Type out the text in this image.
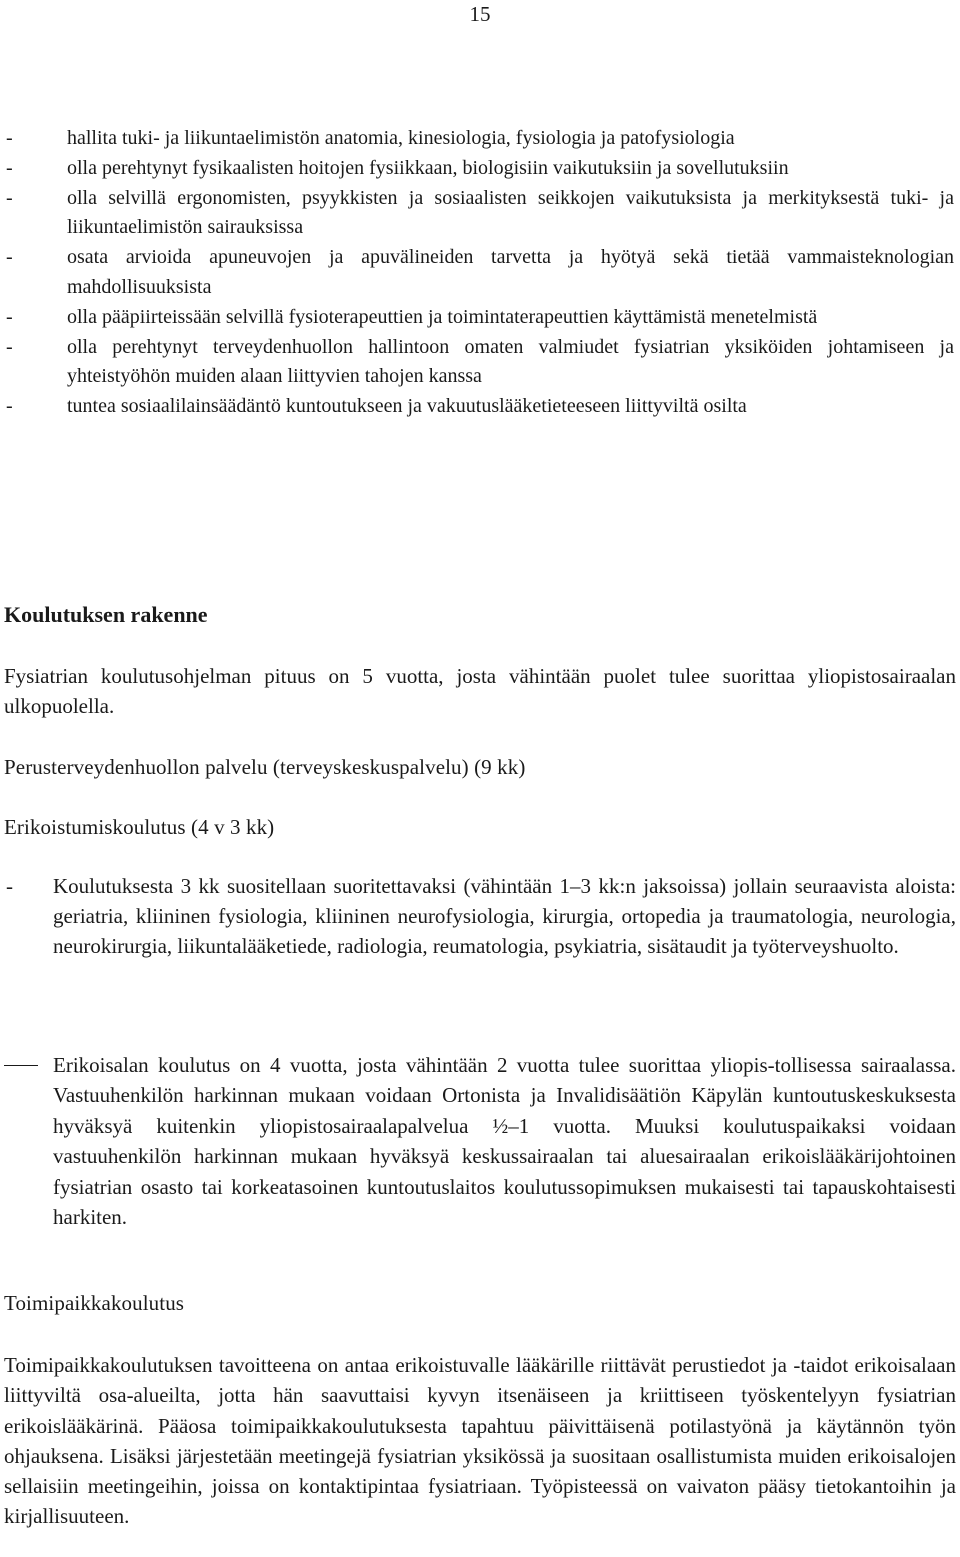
15
-	hallita tuki- ja liikuntaelimistön anatomia, kinesiologia, fysiologia ja patofysiologia
-	olla perehtynyt fysikaalisten hoitojen fysiikkaan, biologisiin vaikutuksiin ja sovellutuksiin
-	olla selvillä ergonomisten, psyykkisten ja sosiaalisten seikkojen vaikutuksista ja merkityksestä tuki- ja liikuntaelimistön sairauksissa
-	osata arvioida apuneuvojen ja apuvälineiden tarvetta ja hyötyä sekä tietää vammaisteknologian mahdollisuuksista
-	olla pääpiirteissään selvillä fysioterapeuttien ja toimintaterapeuttien käyttämistä menetelmistä
-	olla perehtynyt terveydenhuollon hallintoon omaten valmiudet fysiatrian yksiköiden johtamiseen ja yhteistyöhön muiden alaan liittyvien tahojen kanssa
-	tuntea sosiaalilainsäädäntö kuntoutukseen ja vakuutuslääketieteeseen liittyviltä osilta
Koulutuksen rakenne
Fysiatrian koulutusohjelman pituus on 5 vuotta, josta vähintään puolet tulee suorittaa yliopistosairaalan ulkopuolella.
Perusterveydenhuollon palvelu (terveyskeskuspalvelu) (9 kk)
Erikoistumiskoulutus (4 v 3 kk)
-	Koulutuksesta 3 kk suositellaan suoritettavaksi (vähintään 1–3 kk:n jaksoissa) jollain seuraavista aloista: geriatria, kliininen fysiologia, kliininen neurofysiologia, kirurgia, ortopedia ja traumatologia, neurologia, neurokirurgia, liikuntalääketiede, radiologia, reumatologia, psykiatria, sisätaudit ja työterveyshuolto.
Erikoisalan koulutus on 4 vuotta, josta vähintään 2 vuotta tulee suorittaa yliopis-tollisessa sairaalassa. Vastuuhenkilön harkinnan mukaan voidaan Ortonista ja Invalidisäätiön Käpylän kuntoutuskeskuksesta hyväksyä kuitenkin yliopistosairaalapalvelua ½–1 vuotta. Muuksi koulutuspaikaksi voidaan vastuuhenkilön harkinnan mukaan hyväksyä keskussairaalan tai aluesairaalan erikoislääkärijohtoinen fysiatrian osasto tai korkeatasoinen kuntoutuslaitos koulutussopimuksen mukaisesti tai tapauskohtaisesti harkiten.
Toimipaikkakoulutus
Toimipaikkakoulutuksen tavoitteena on antaa erikoistuvalle lääkärille riittävät perustiedot ja -taidot erikoisalaan liittyviltä osa-alueilta, jotta hän saavuttaisi kyvyn itsenäiseen ja kriittiseen työskentelyyn fysiatrian erikoislääkärinä. Pääosa toimipaikkakoulutuksesta tapahtuu päivittäisenä potilastyönä ja käytännön työn ohjauksena. Lisäksi järjestetään meetingejä fysiatrian yksikössä ja suositaan osallistumista muiden erikoisalojen sellaisiin meetingeihin, joissa on kontaktipintaa fysiatriaan. Työpisteessä on vaivaton pääsy tietokantoihin ja kirjallisuuteen.
